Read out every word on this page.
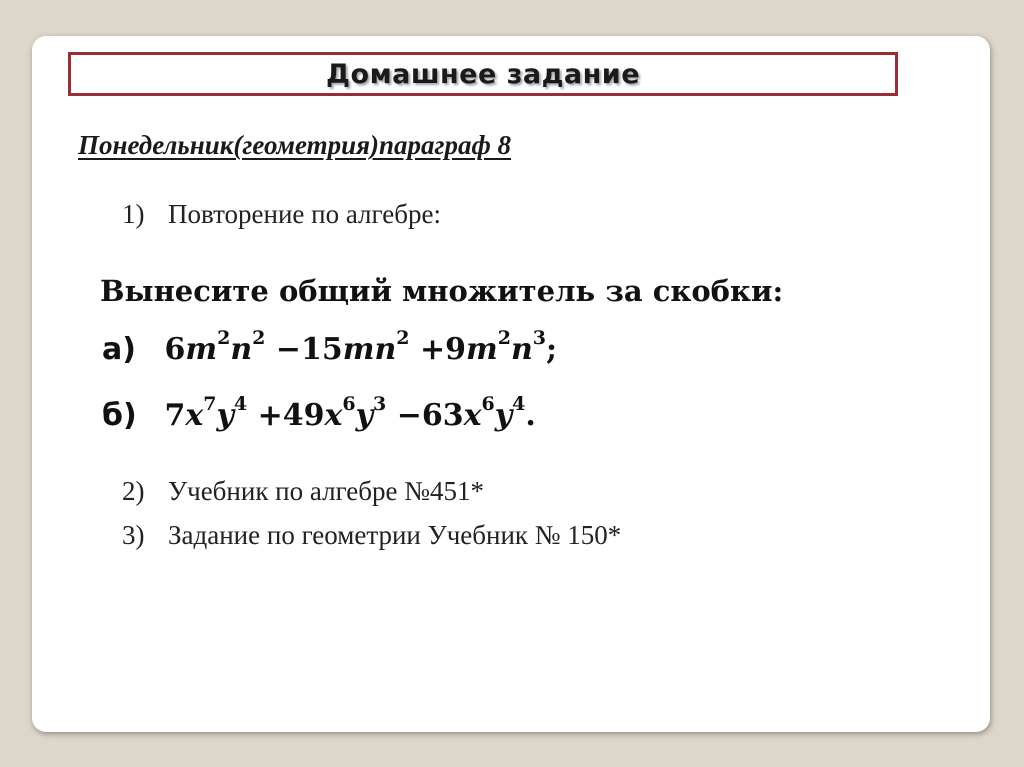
Домашнее задание
Понедельник(геометрия)параграф 8
1) Повторение по алгебре:
Вынесите общий множитель за скобки:
а) $6m^2n^2 -15mn^2 +9m^2n^3$;
б) $7x^7y^4 +49x^6y^3 -63x^6y^4$.
2) Учебник по алгебре №451*
3) Задание по геометрии Учебник № 150*
